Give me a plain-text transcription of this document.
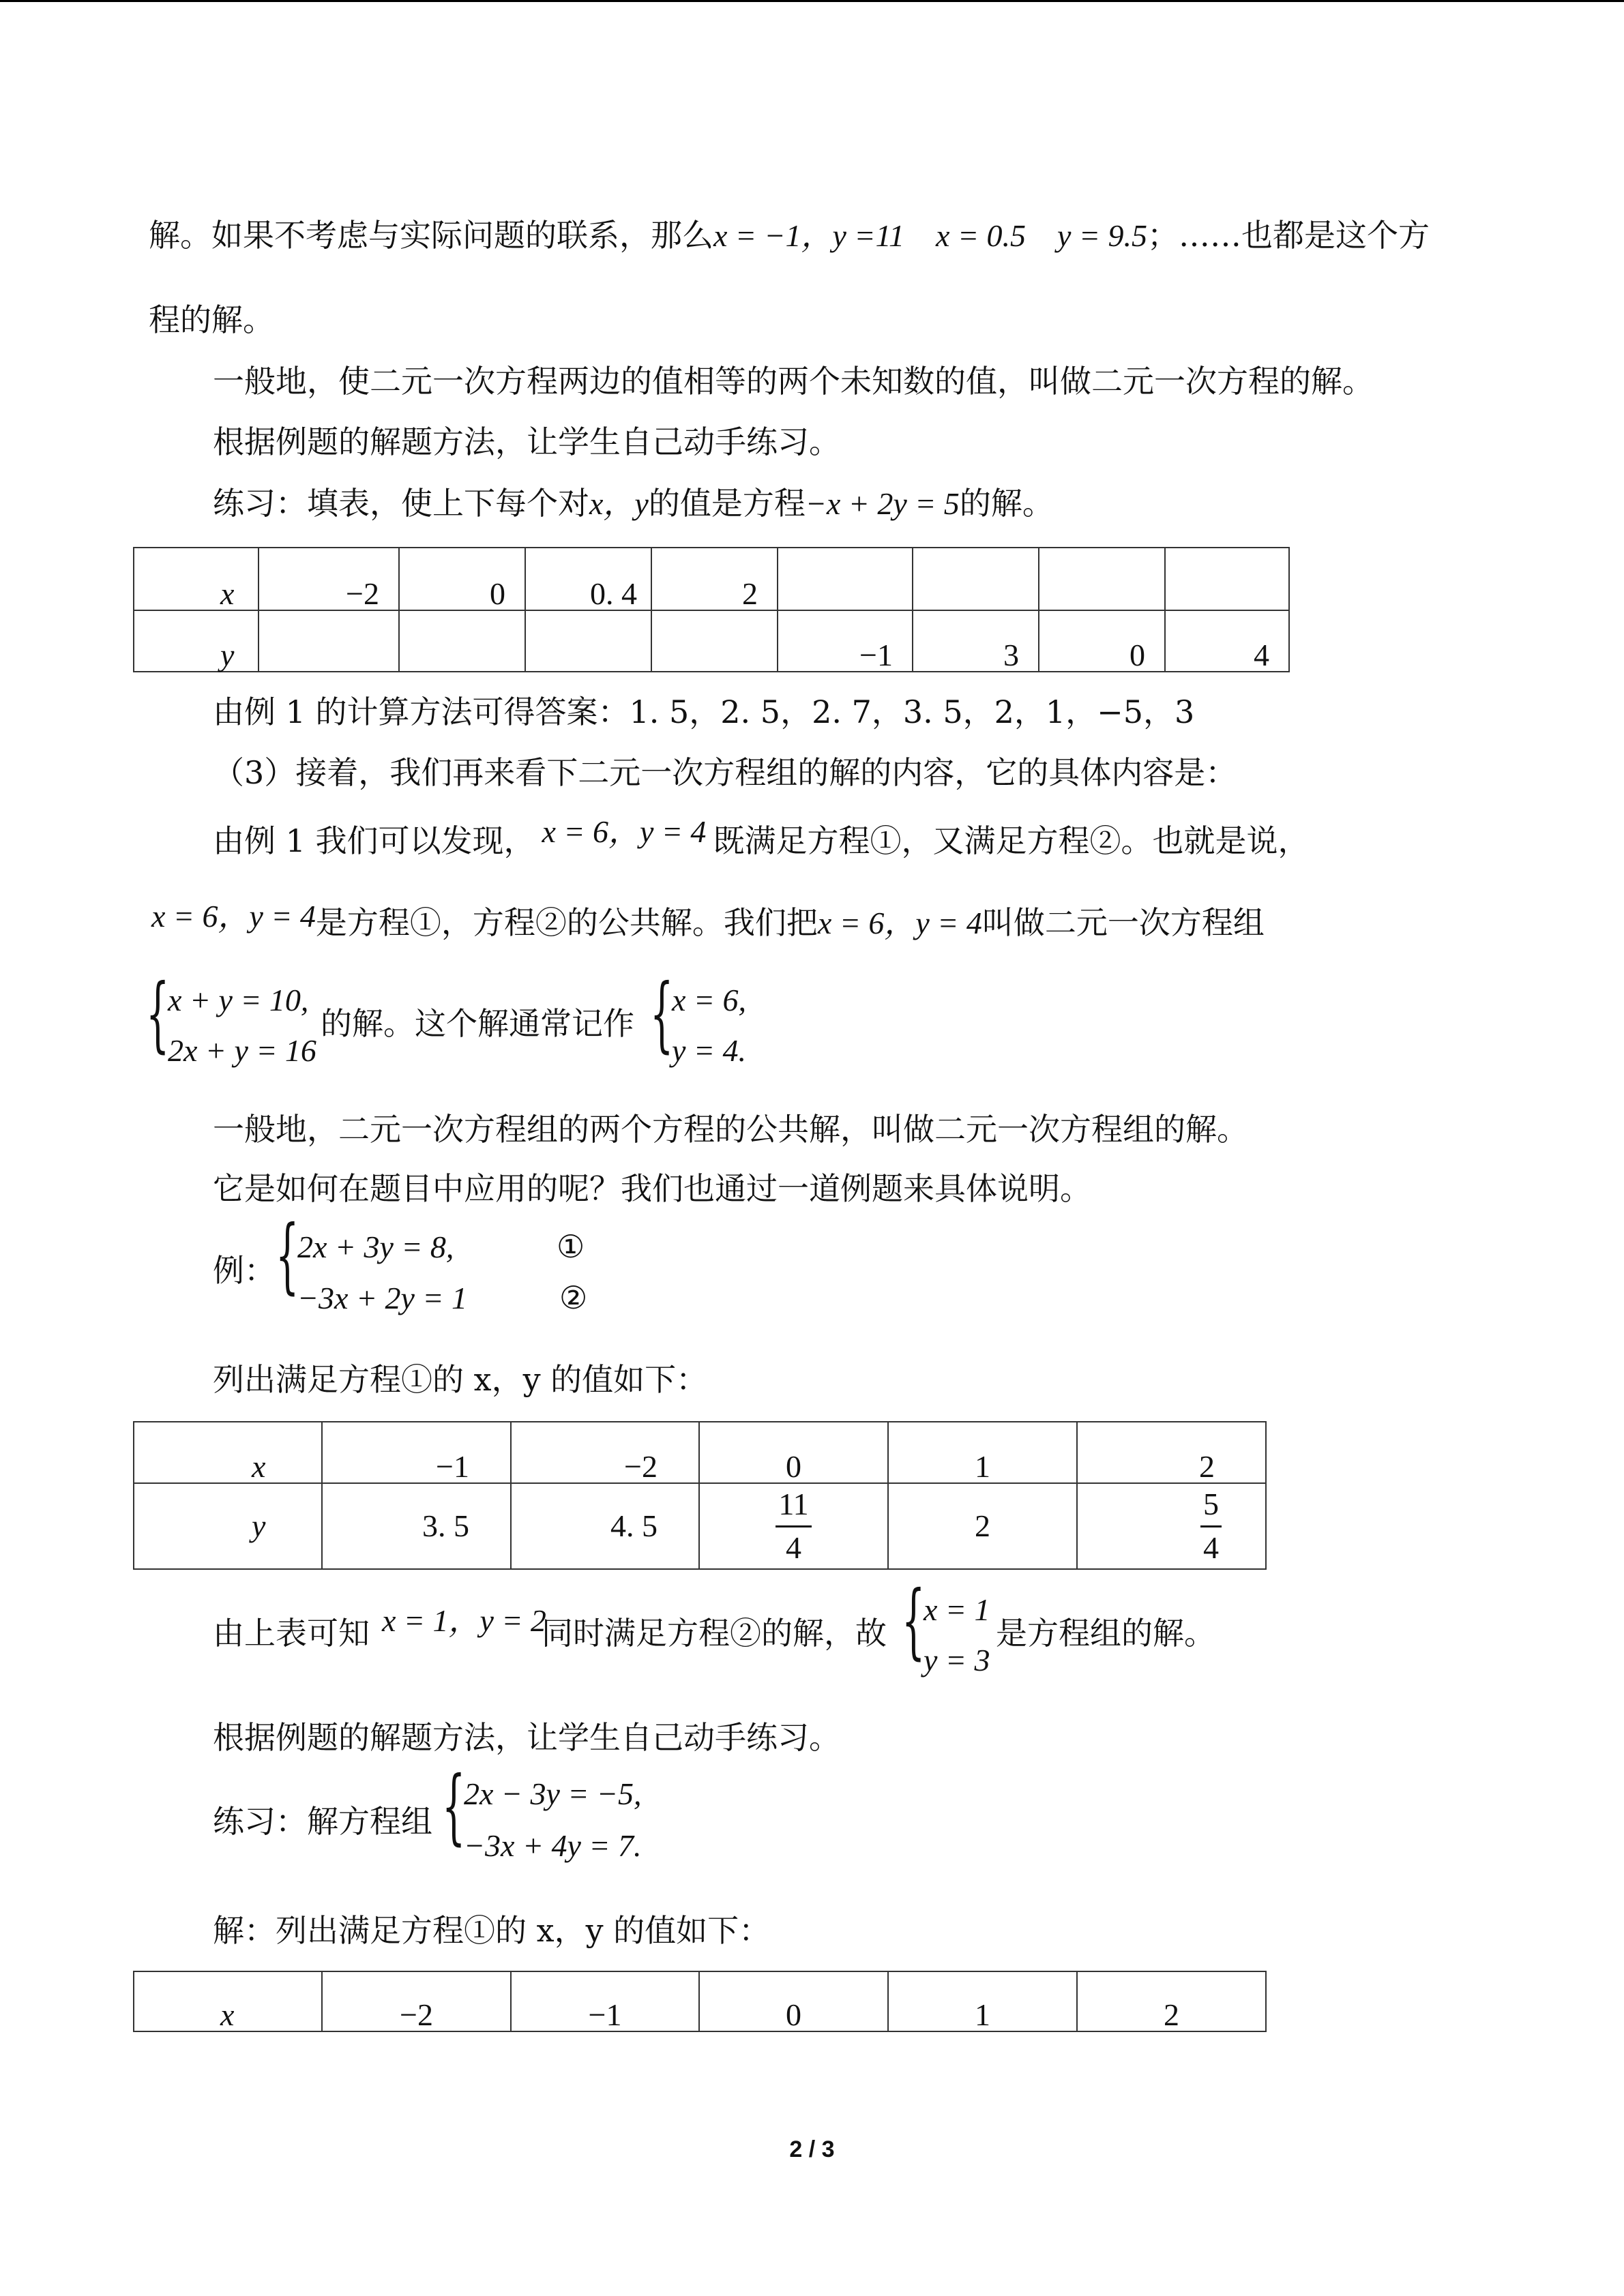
解。如果不考虑与实际问题的联系，那么x = −1，y =11　x = 0.5　y = 9.5；……也都是这个方
程的解。
一般地，使二元一次方程两边的值相等的两个未知数的值，叫做二元一次方程的解。
根据例题的解题方法，让学生自己动手练习。
练习：填表，使上下每个对x，y的值是方程−x + 2y = 5的解。
x	−2	0	0. 4	2				
y					−1	3	0	4
由例 1 的计算方法可得答案：1. 5，2. 5，2. 7，3. 5，2，1，−5，3
（3）接着，我们再来看下二元一次方程组的解的内容，它的具体内容是：
由例 1 我们可以发现， x = 6，y = 4 既满足方程①，又满足方程②。也就是说，
x = 6，y = 4是方程①，方程②的公共解。我们把x = 6，y = 4叫做二元一次方程组
{
x + y = 10,
2x + y = 16
的解。这个解通常记作 {
x = 6,
y = 4.
一般地，二元一次方程组的两个方程的公共解，叫做二元一次方程组的解。
它是如何在题目中应用的呢？我们也通过一道例题来具体说明。
例： {
2x + 3y = 8,	①
−3x + 2y = 1	②
列出满足方程①的 x，y 的值如下：
x	−1	−2	0	1	2
y	3. 5	4. 5	$\frac{11}{4}$	2	$\frac{5}{4}$
由上表可知 x = 1，y = 2
同时满足方程②的解，故 {
x = 1
y = 3
是方程组的解。
根据例题的解题方法，让学生自己动手练习。
练习：解方程组 {
2x − 3y = −5,
−3x + 4y = 7.
解：列出满足方程①的 x，y 的值如下：
x	−2	−1	0	1	2
2 / 3
